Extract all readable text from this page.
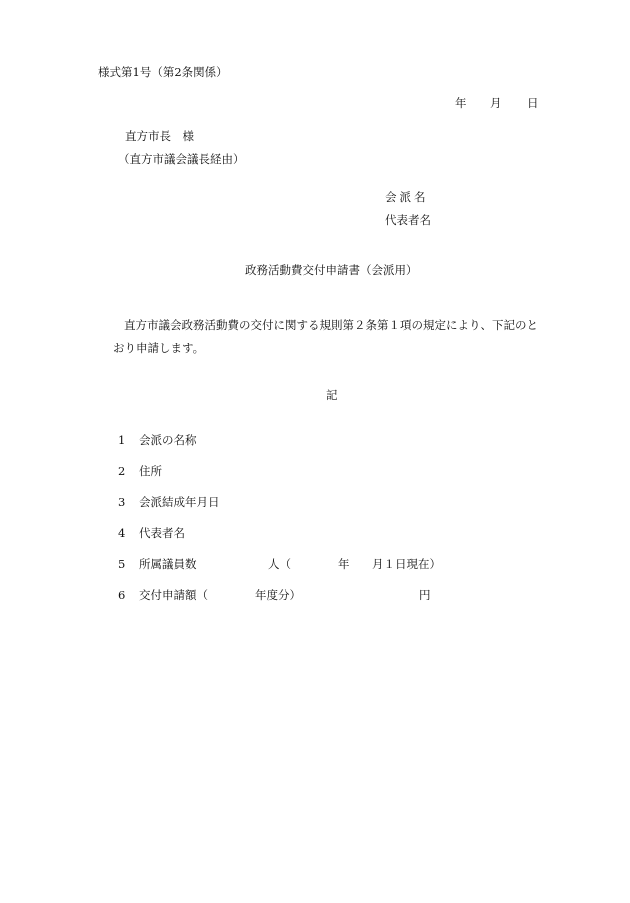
様式第1号（第2条関係）
年 月 日
直方市長　様
（直方市議会議長経由）
会派名
代表者名
政務活動費交付申請書（会派用）
直方市議会政務活動費の交付に関する規則第２条第１項の規定により、下記のと
おり申請します。
記
1 会派の名称
2 住所
3 会派結成年月日
4 代表者名
5 所属議員数	人（	年 月１日現在）
6 交付申請額（	年度分）	円
